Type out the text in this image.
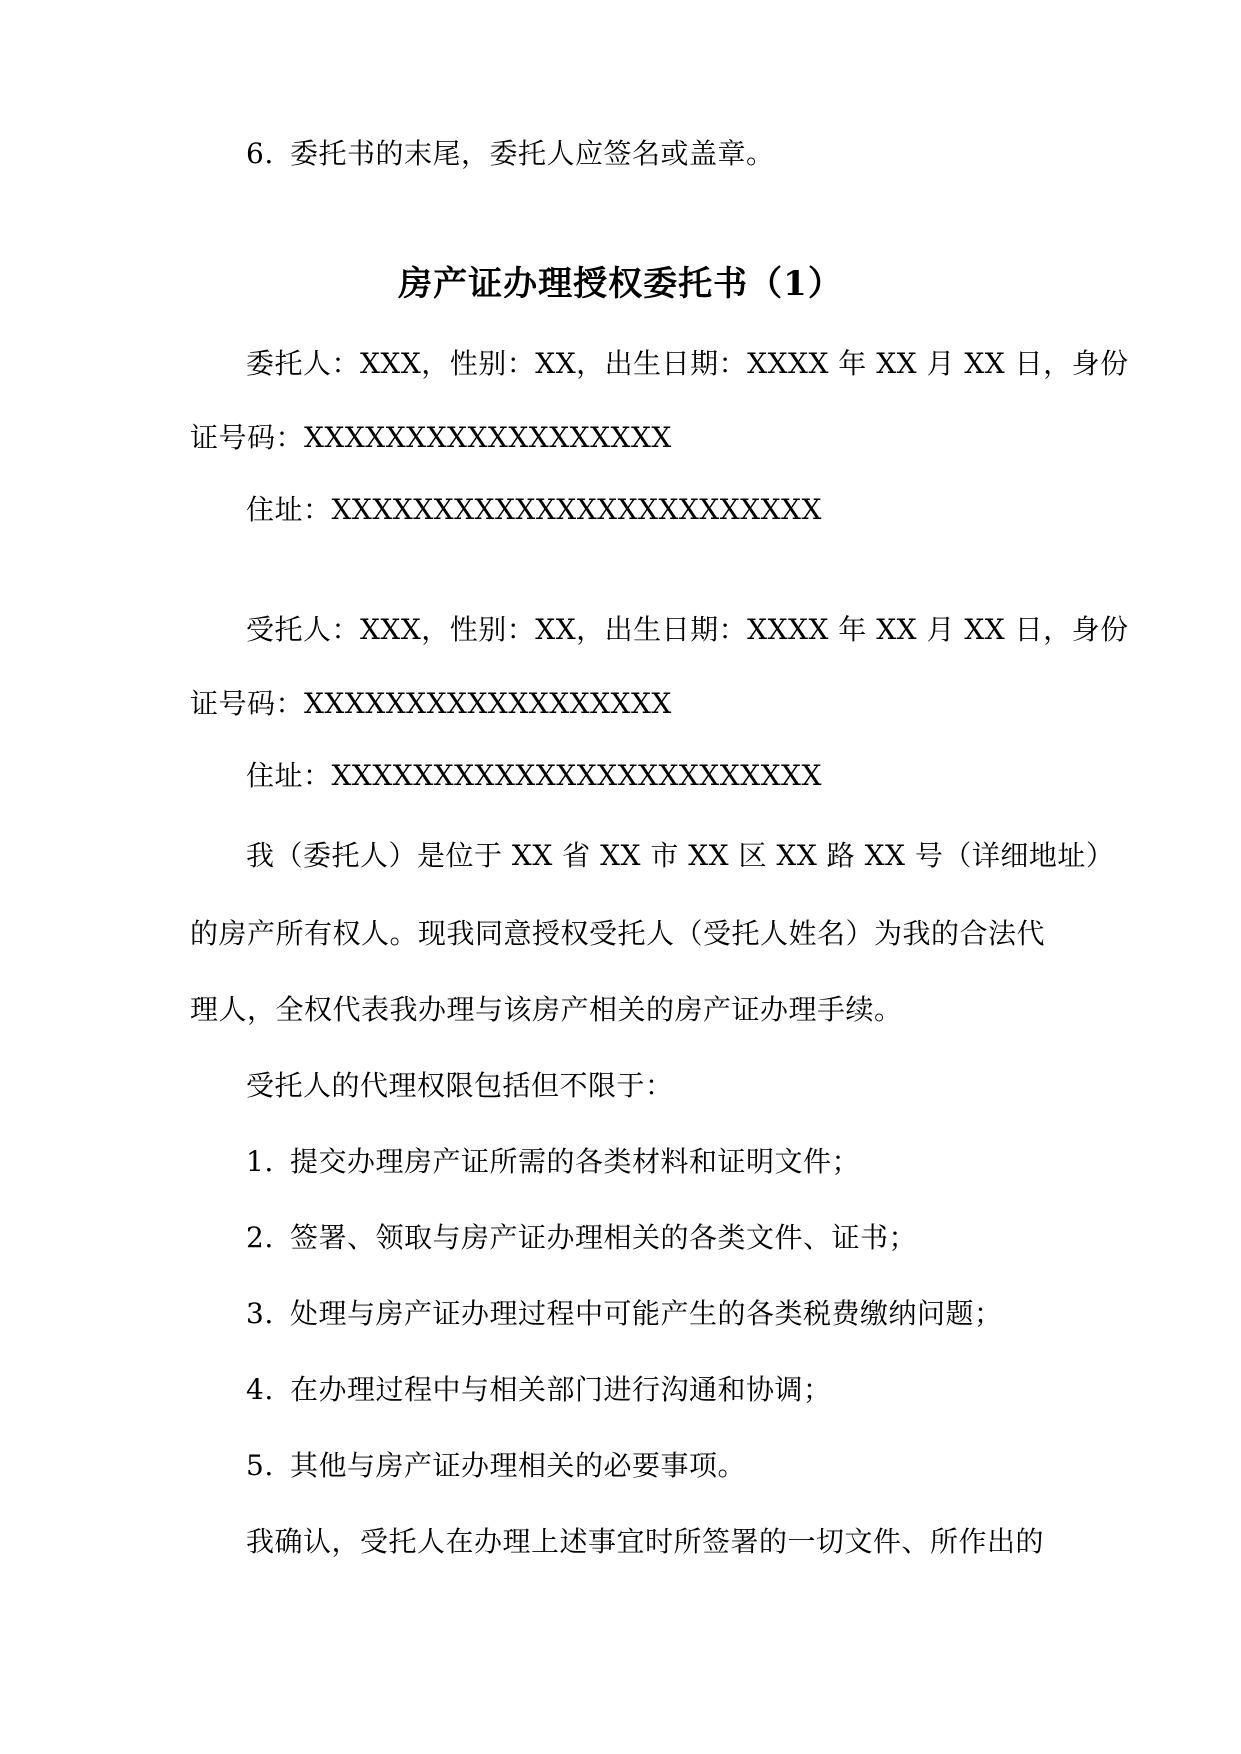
6. 委托书的末尾，委托人应签名或盖章。
房产证办理授权委托书（1）
委托人：XXX，性别：XX，出生日期：XXXX 年 XX 月 XX 日，身份
证号码：XXXXXXXXXXXXXXXXXX
住址：XXXXXXXXXXXXXXXXXXXXXXXX
受托人：XXX，性别：XX，出生日期：XXXX 年 XX 月 XX 日，身份
证号码：XXXXXXXXXXXXXXXXXX
住址：XXXXXXXXXXXXXXXXXXXXXXXX
我（委托人）是位于 XX 省 XX 市 XX 区 XX 路 XX 号（详细地址）
的房产所有权人。现我同意授权受托人（受托人姓名）为我的合法代
理人，全权代表我办理与该房产相关的房产证办理手续。
受托人的代理权限包括但不限于：
1. 提交办理房产证所需的各类材料和证明文件；
2. 签署、领取与房产证办理相关的各类文件、证书；
3. 处理与房产证办理过程中可能产生的各类税费缴纳问题；
4. 在办理过程中与相关部门进行沟通和协调；
5. 其他与房产证办理相关的必要事项。
我确认，受托人在办理上述事宜时所签署的一切文件、所作出的
